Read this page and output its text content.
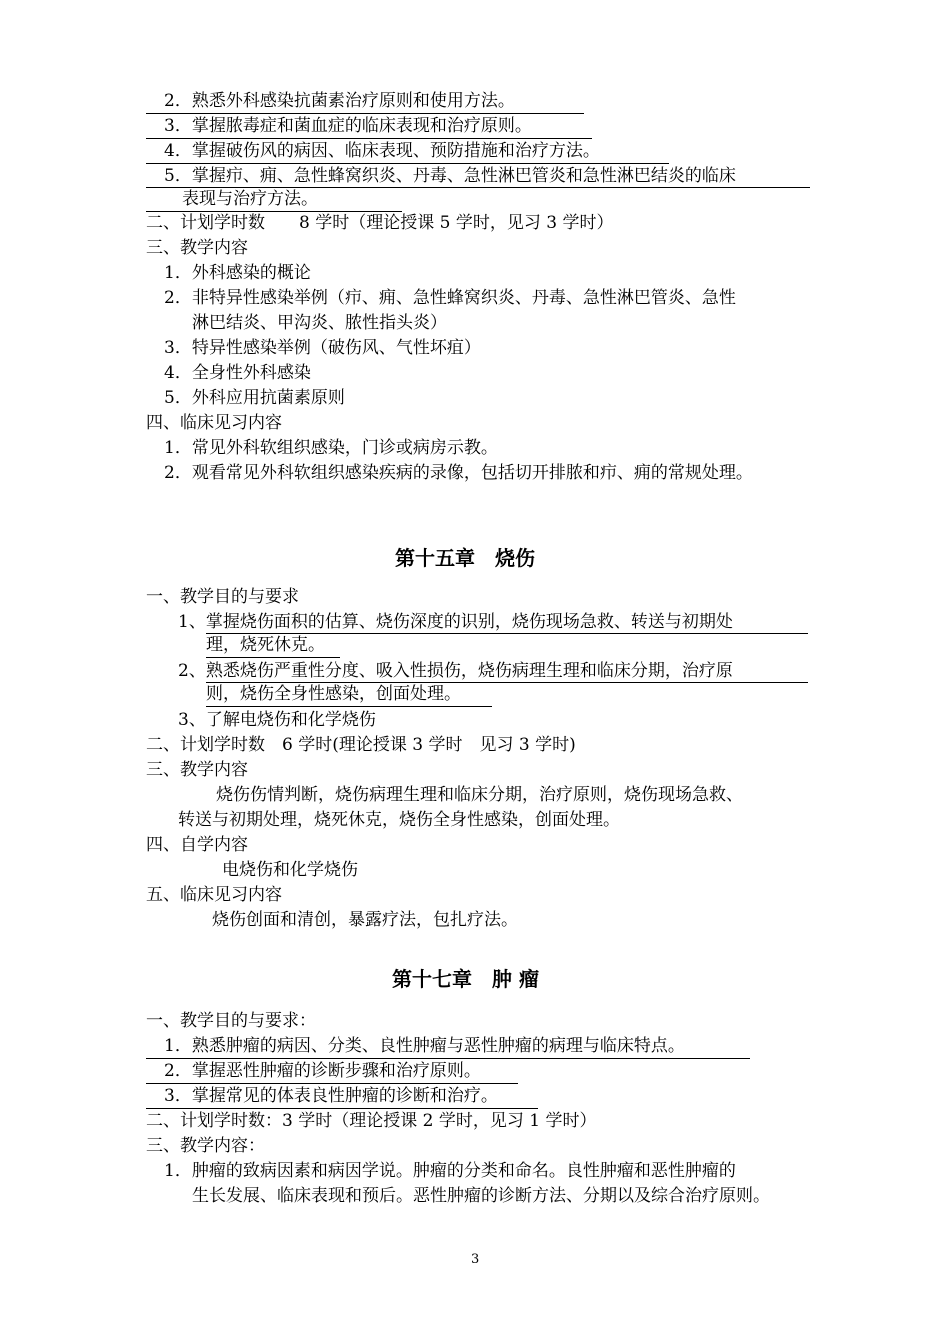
2．熟悉外科感染抗菌素治疗原则和使用方法。
3．掌握脓毒症和菌血症的临床表现和治疗原则。
4．掌握破伤风的病因、临床表现、预防措施和治疗方法。
5．掌握疖、痈、急性蜂窝织炎、丹毒、急性淋巴管炎和急性淋巴结炎的临床
表现与治疗方法。
二、计划学时数　　8 学时（理论授课 5 学时，见习 3 学时）
三、教学内容
1．外科感染的概论
2．非特异性感染举例（疖、痈、急性蜂窝织炎、丹毒、急性淋巴管炎、急性
淋巴结炎、甲沟炎、脓性指头炎）
3．特异性感染举例（破伤风、气性坏疽）
4．全身性外科感染
5．外科应用抗菌素原则
四、临床见习内容
1．常见外科软组织感染，门诊或病房示教。
2．观看常见外科软组织感染疾病的录像，包括切开排脓和疖、痈的常规处理。
第十五章　烧伤
一、教学目的与要求
1、掌握烧伤面积的估算、烧伤深度的识别，烧伤现场急救、转送与初期处
理，烧死休克。
2、熟悉烧伤严重性分度、吸入性损伤，烧伤病理生理和临床分期，治疗原
则，烧伤全身性感染，创面处理。
3、了解电烧伤和化学烧伤
二、计划学时数　6 学时(理论授课 3 学时　见习 3 学时)
三、教学内容
烧伤伤情判断，烧伤病理生理和临床分期，治疗原则，烧伤现场急救、
转送与初期处理，烧死休克，烧伤全身性感染，创面处理。
四、自学内容
电烧伤和化学烧伤
五、临床见习内容
烧伤创面和清创，暴露疗法，包扎疗法。
第十七章　肿 瘤
一、教学目的与要求：
1．熟悉肿瘤的病因、分类、良性肿瘤与恶性肿瘤的病理与临床特点。
2．掌握恶性肿瘤的诊断步骤和治疗原则。
3．掌握常见的体表良性肿瘤的诊断和治疗。
二、计划学时数：3 学时（理论授课 2 学时，见习 1 学时）
三、教学内容：
1．肿瘤的致病因素和病因学说。肿瘤的分类和命名。良性肿瘤和恶性肿瘤的
生长发展、临床表现和预后。恶性肿瘤的诊断方法、分期以及综合治疗原则。
3
